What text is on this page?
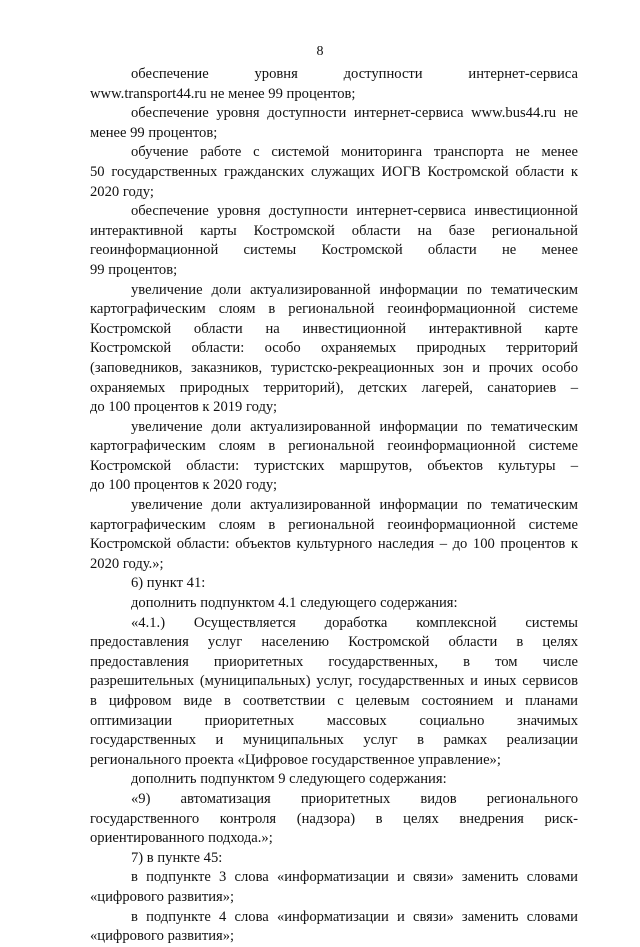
8
обеспечение уровня доступности интернет-сервиса
www.transport44.ru не менее 99 процентов;
обеспечение уровня доступности интернет-сервиса www.bus44.ru не
менее 99 процентов;
обучение работе с системой мониторинга транспорта не менее
50 государственных гражданских служащих ИОГВ Костромской области к
2020 году;
обеспечение уровня доступности интернет-сервиса инвестиционной
интерактивной карты Костромской области на базе региональной
геоинформационной системы Костромской области не менее
99 процентов;
увеличение доли актуализированной информации по тематическим
картографическим слоям в региональной геоинформационной системе
Костромской области на инвестиционной интерактивной карте
Костромской области: особо охраняемых природных территорий
(заповедников, заказников, туристско-рекреационных зон и прочих особо
охраняемых природных территорий), детских лагерей, санаториев –
до 100 процентов к 2019 году;
увеличение доли актуализированной информации по тематическим
картографическим слоям в региональной геоинформационной системе
Костромской области: туристских маршрутов, объектов культуры –
до 100 процентов к 2020 году;
увеличение доли актуализированной информации по тематическим
картографическим слоям в региональной геоинформационной системе
Костромской области: объектов культурного наследия – до 100 процентов к
2020 году.»;
6) пункт 41:
дополнить подпунктом 4.1 следующего содержания:
«4.1.) Осуществляется доработка комплексной системы
предоставления услуг населению Костромской области в целях
предоставления приоритетных государственных, в том числе
разрешительных (муниципальных) услуг, государственных и иных сервисов
в цифровом виде в соответствии с целевым состоянием и планами
оптимизации приоритетных массовых социально значимых
государственных и муниципальных услуг в рамках реализации
регионального проекта «Цифровое государственное управление»;
дополнить подпунктом 9 следующего содержания:
«9) автоматизация приоритетных видов регионального
государственного контроля (надзора) в целях внедрения риск-
ориентированного подхода.»;
7) в пункте 45:
в подпункте 3 слова «информатизации и связи» заменить словами
«цифрового развития»;
в подпункте 4 слова «информатизации и связи» заменить словами
«цифрового развития»;
